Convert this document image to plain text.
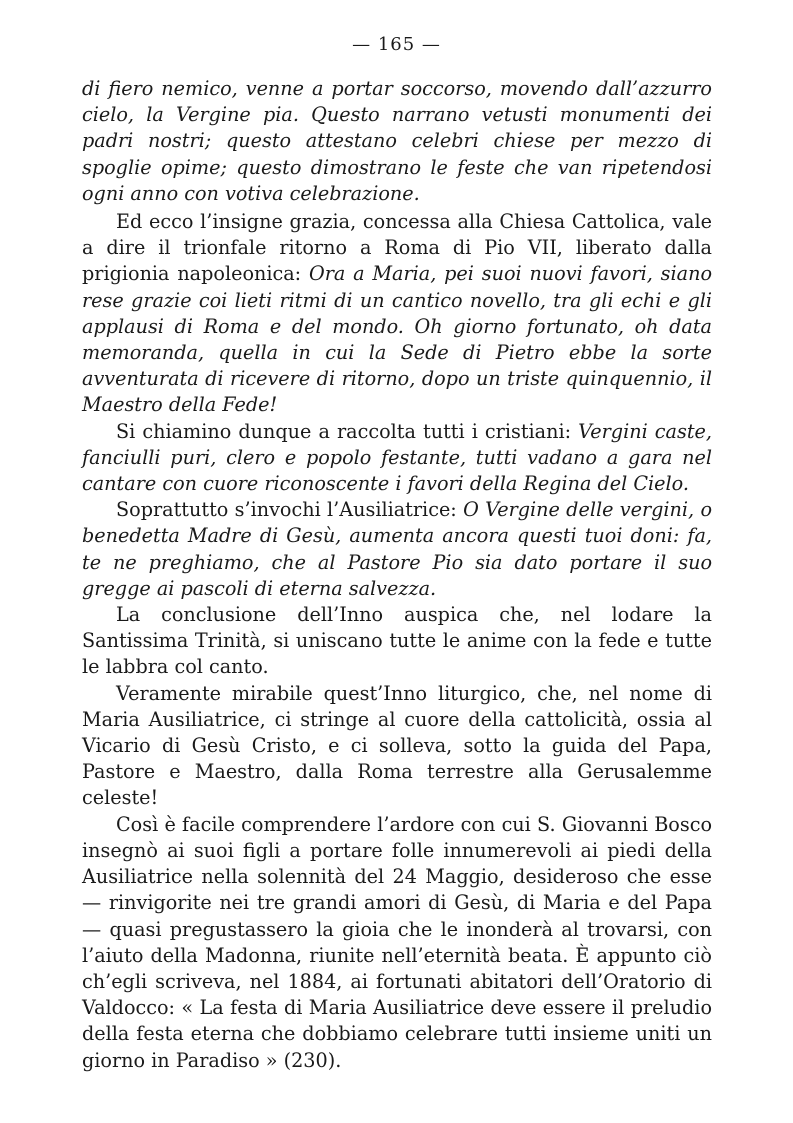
— 165 —

di fiero nemico, venne a portar soccorso, movendo dall’azzurro cielo, la Vergine pia. Questo narrano vetusti monumenti dei padri nostri; questo attestano celebri chiese per mezzo di spoglie opime; questo dimostrano le feste che van ripetendosi ogni anno con votiva celebrazione.

Ed ecco l’insigne grazia, concessa alla Chiesa Cattolica, vale a dire il trionfale ritorno a Roma di Pio VII, liberato dalla prigionia napoleonica: Ora a Maria, pei suoi nuovi favori, siano rese grazie coi lieti ritmi di un cantico novello, tra gli echi e gli applausi di Roma e del mondo. Oh giorno fortunato, oh data memoranda, quella in cui la Sede di Pietro ebbe la sorte avventurata di ricevere di ritorno, dopo un triste quinquennio, il Maestro della Fede!

Si chiamino dunque a raccolta tutti i cristiani: Vergini caste, fanciulli puri, clero e popolo festante, tutti vadano a gara nel cantare con cuore riconoscente i favori della Regina del Cielo.

Soprattutto s’invochi l’Ausiliatrice: O Vergine delle vergini, o benedetta Madre di Gesù, aumenta ancora questi tuoi doni: fa, te ne preghiamo, che al Pastore Pio sia dato portare il suo gregge ai pascoli di eterna salvezza.

La conclusione dell’Inno auspica che, nel lodare la Santissima Trinità, si uniscano tutte le anime con la fede e tutte le labbra col canto.

Veramente mirabile quest’Inno liturgico, che, nel nome di Maria Ausiliatrice, ci stringe al cuore della cattolicità, ossia al Vicario di Gesù Cristo, e ci solleva, sotto la guida del Papa, Pastore e Maestro, dalla Roma terrestre alla Gerusalemme celeste!

Così è facile comprendere l’ardore con cui S. Giovanni Bosco insegnò ai suoi figli a portare folle innumerevoli ai piedi della Ausiliatrice nella solennità del 24 Maggio, desideroso che esse — rinvigorite nei tre grandi amori di Gesù, di Maria e del Papa — quasi pregustassero la gioia che le inonderà al trovarsi, con l’aiuto della Madonna, riunite nell’eternità beata. È appunto ciò ch’egli scriveva, nel 1884, ai fortunati abitatori dell’Oratorio di Valdocco: « La festa di Maria Ausiliatrice deve essere il preludio della festa eterna che dobbiamo celebrare tutti insieme uniti un giorno in Paradiso » (230).
